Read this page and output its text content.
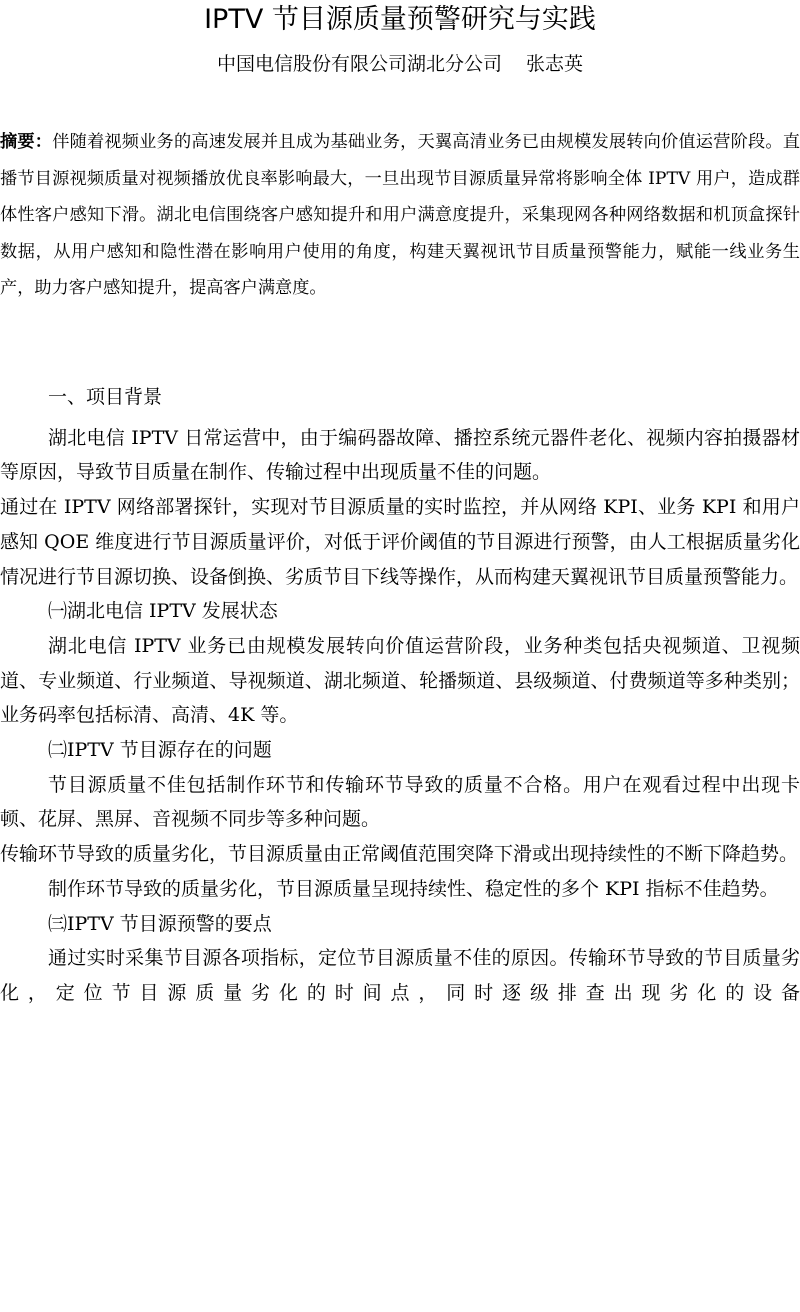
IPTV 节目源质量预警研究与实践
中国电信股份有限公司湖北分公司 张志英
摘要：伴随着视频业务的高速发展并且成为基础业务，天翼高清业务已由规模发展转向价值运营阶段。直播节目源视频质量对视频播放优良率影响最大，一旦出现节目源质量异常将影响全体 IPTV 用户，造成群体性客户感知下滑。湖北电信围绕客户感知提升和用户满意度提升，采集现网各种网络数据和机顶盒探针数据，从用户感知和隐性潜在影响用户使用的角度，构建天翼视讯节目质量预警能力，赋能一线业务生产，助力客户感知提升，提高客户满意度。

一、项目背景

湖北电信 IPTV 日常运营中，由于编码器故障、播控系统元器件老化、视频内容拍摄器材等原因，导致节目质量在制作、传输过程中出现质量不佳的问题。

通过在 IPTV 网络部署探针，实现对节目源质量的实时监控，并从网络 KPI、业务 KPI 和用户感知 QOE 维度进行节目源质量评价，对低于评价阈值的节目源进行预警，由人工根据质量劣化情况进行节目源切换、设备倒换、劣质节目下线等操作，从而构建天翼视讯节目质量预警能力。

㈠湖北电信 IPTV 发展状态

湖北电信 IPTV 业务已由规模发展转向价值运营阶段，业务种类包括央视频道、卫视频道、专业频道、行业频道、导视频道、湖北频道、轮播频道、县级频道、付费频道等多种类别；业务码率包括标清、高清、4K 等。

㈡IPTV 节目源存在的问题

节目源质量不佳包括制作环节和传输环节导致的质量不合格。用户在观看过程中出现卡顿、花屏、黑屏、音视频不同步等多种问题。

传输环节导致的质量劣化，节目源质量由正常阈值范围突降下滑或出现持续性的不断下降趋势。

制作环节导致的质量劣化，节目源质量呈现持续性、稳定性的多个 KPI 指标不佳趋势。

㈢IPTV 节目源预警的要点

通过实时采集节目源各项指标，定位节目源质量不佳的原因。传输环节导致的节目质量劣化，定位节目源质量劣化的时间点，同时逐级排查出现劣化的设备
